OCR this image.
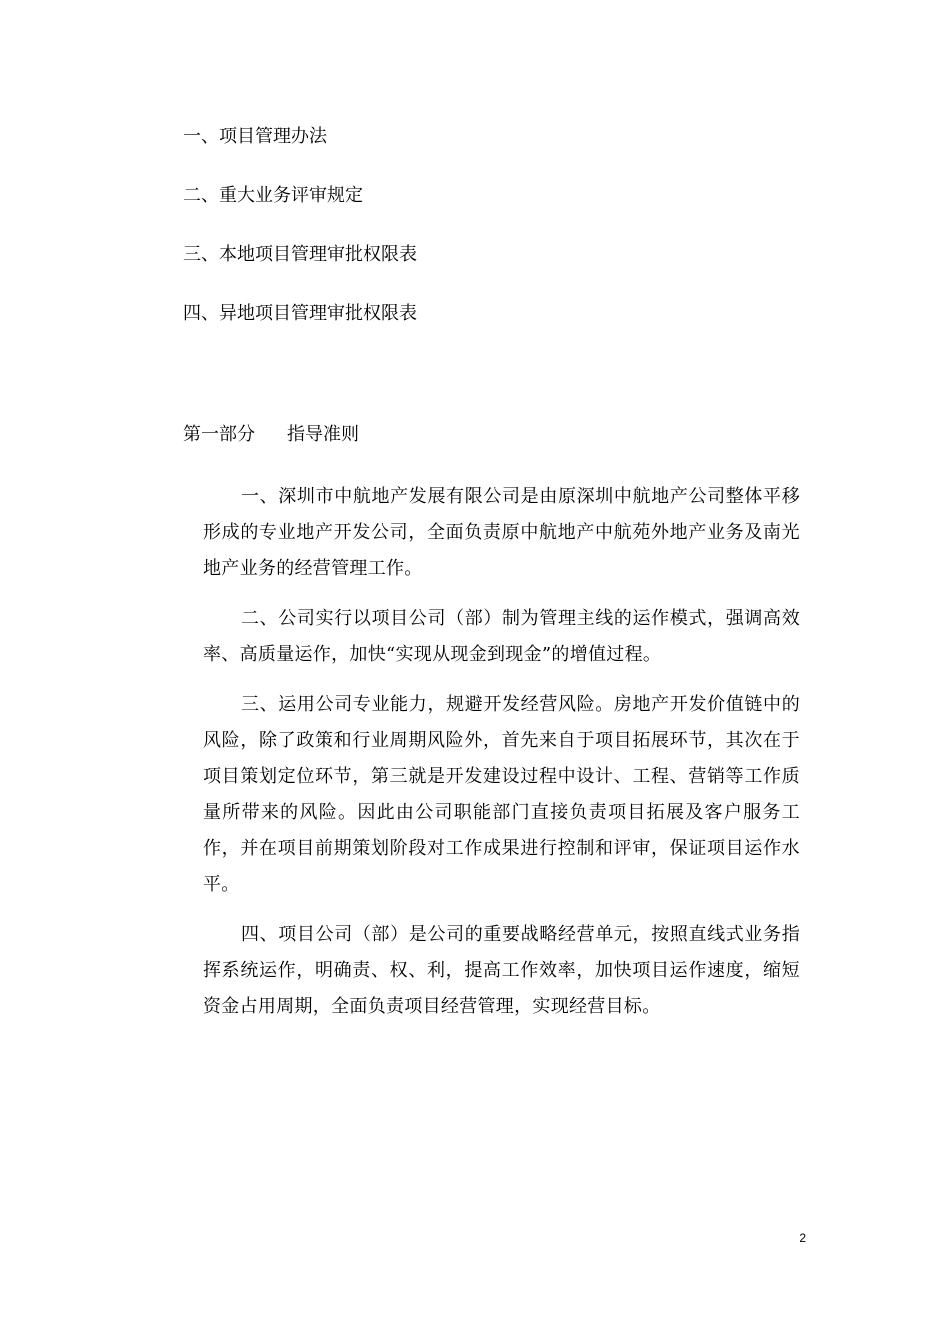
一、项目管理办法
二、重大业务评审规定
三、本地项目管理审批权限表
四、异地项目管理审批权限表
第一部分 指导准则

一、深圳市中航地产发展有限公司是由原深圳中航地产公司整体平移形成的专业地产开发公司，全面负责原中航地产中航苑外地产业务及南光地产业务的经营管理工作。

二、公司实行以项目公司（部）制为管理主线的运作模式，强调高效率、高质量运作，加快“实现从现金到现金”的增值过程。

三、运用公司专业能力，规避开发经营风险。房地产开发价值链中的风险，除了政策和行业周期风险外，首先来自于项目拓展环节，其次在于项目策划定位环节，第三就是开发建设过程中设计、工程、营销等工作质量所带来的风险。因此由公司职能部门直接负责项目拓展及客户服务工作，并在项目前期策划阶段对工作成果进行控制和评审，保证项目运作水平。

四、项目公司（部）是公司的重要战略经营单元，按照直线式业务指挥系统运作，明确责、权、利，提高工作效率，加快项目运作速度，缩短资金占用周期，全面负责项目经营管理，实现经营目标。

2
